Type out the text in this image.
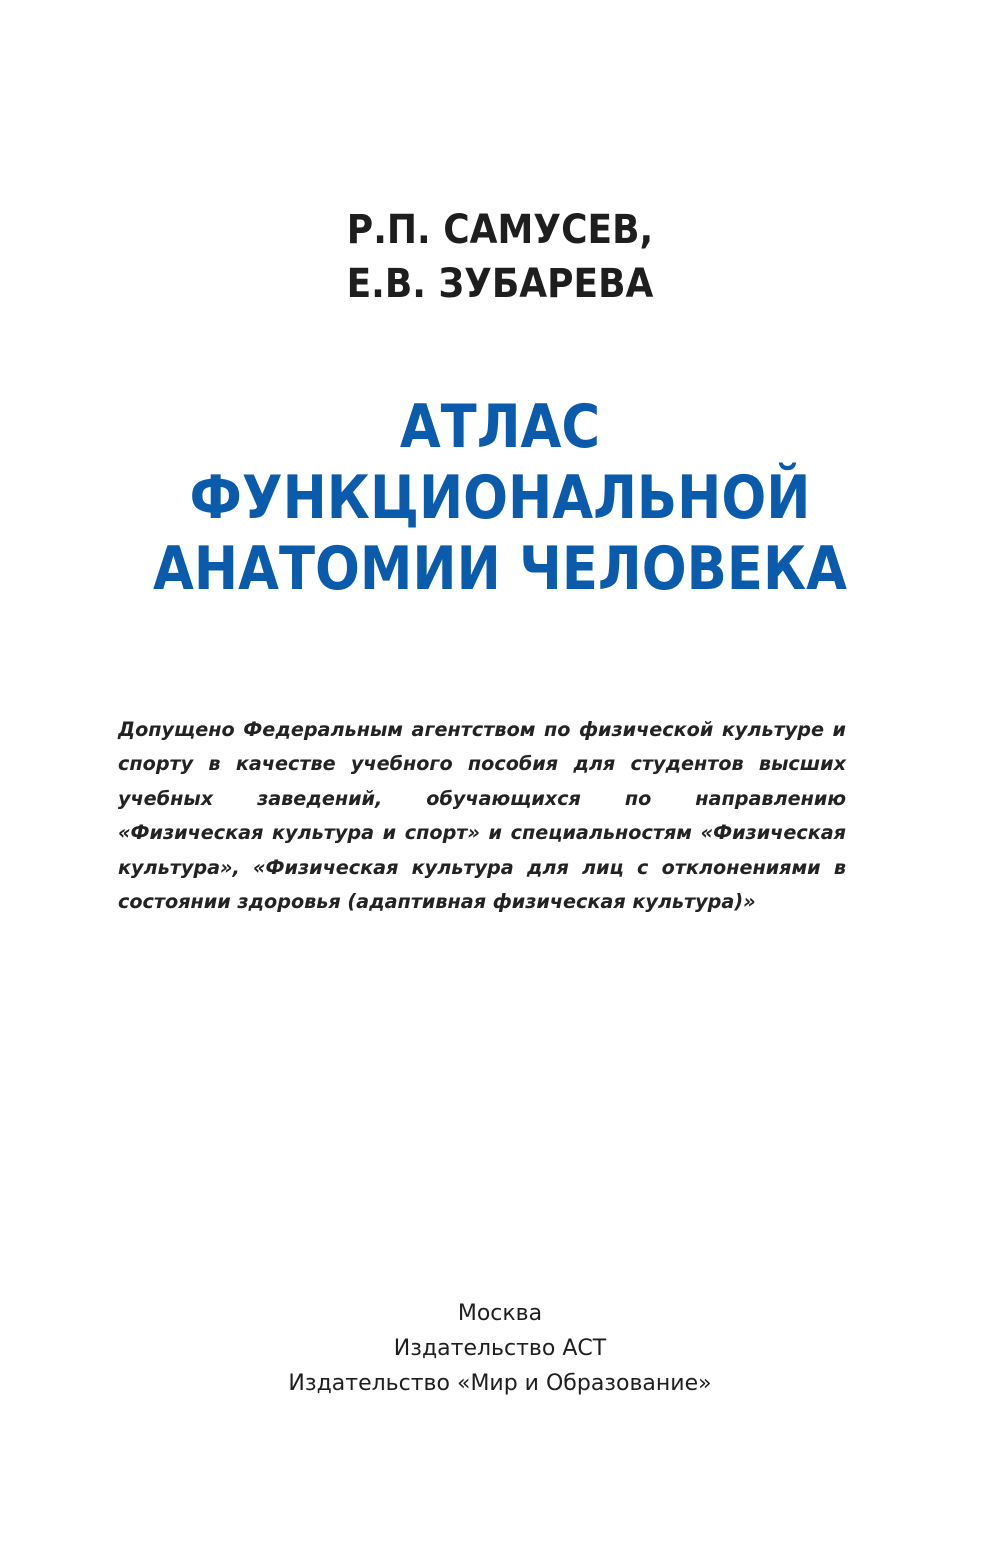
Р.П. САМУСЕВ,
Е.В. ЗУБАРЕВА
АТЛАС
ФУНКЦИОНАЛЬНОЙ
АНАТОМИИ ЧЕЛОВЕКА
Допущено Федеральным агентством по физической культуре и спорту в качестве учебного пособия для студентов высших учебных заведений, обучающихся по направлению «Физическая культура и спорт» и специальностям «Физическая культура», «Физическая культура для лиц с отклонениями в состоянии здоровья (адаптивная физическая культура)»
Москва
Издательство АСТ
Издательство «Мир и Образование»
